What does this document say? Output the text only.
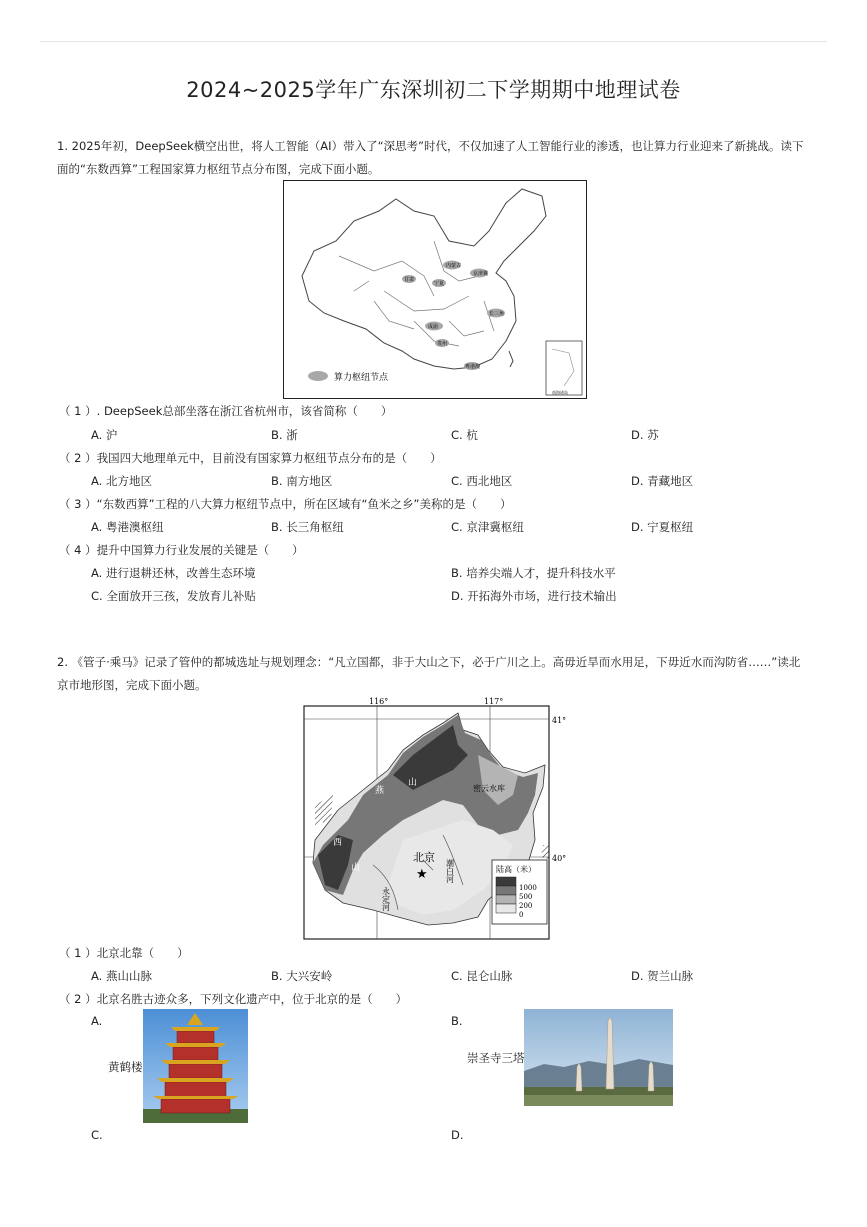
2024~2025学年广东深圳初二下学期期中地理试卷
1. 2025年初，DeepSeek横空出世，将人工智能（AI）带入了“深思考”时代，不仅加速了人工智能行业的渗透，也让算力行业迎来了新挑战。读下
面的“东数西算”工程国家算力枢纽节点分布图，完成下面小题。
内蒙古
京津冀
宁夏
甘肃
成渝
长三角
贵州
粤港澳
南海诸岛
算力枢纽节点
（ 1 ）. DeepSeek总部坐落在浙江省杭州市，该省简称（　　）
A. 沪	B. 浙	C. 杭	D. 苏
（ 2 ）我国四大地理单元中，目前没有国家算力枢纽节点分布的是（　　）
A. 北方地区	B. 南方地区	C. 西北地区	D. 青藏地区
（ 3 ）“东数西算”工程的八大算力枢纽节点中，所在区域有“鱼米之乡”美称的是（　　）
A. 粤港澳枢纽	B. 长三角枢纽	C. 京津冀枢纽	D. 宁夏枢纽
（ 4 ）提升中国算力行业发展的关键是（　　）
A. 进行退耕还林，改善生态环境	B. 培养尖端人才，提升科技水平
C. 全面放开三孩，发放育儿补贴	D. 开拓海外市场，进行技术输出
2. 《管子·乘马》记录了管仲的都城选址与规划理念：“凡立国都，非于大山之下，必于广川之上。高毋近旱而水用足，下毋近水而沟防省……”读北
京市地形图，完成下面小题。
116°	117°
41°
40°
燕
山
西
山
密云水库
北京
★
永定河
潮白河	陆高（米）
1000
500
200
0
（ 1 ）北京北靠（　　）
A. 燕山山脉	B. 大兴安岭	C. 昆仑山脉	D. 贺兰山脉
（ 2 ）北京名胜古迹众多，下列文化遗产中，位于北京的是（　　）
A.
黄鹤楼
B.
崇圣寺三塔
C.	D.
